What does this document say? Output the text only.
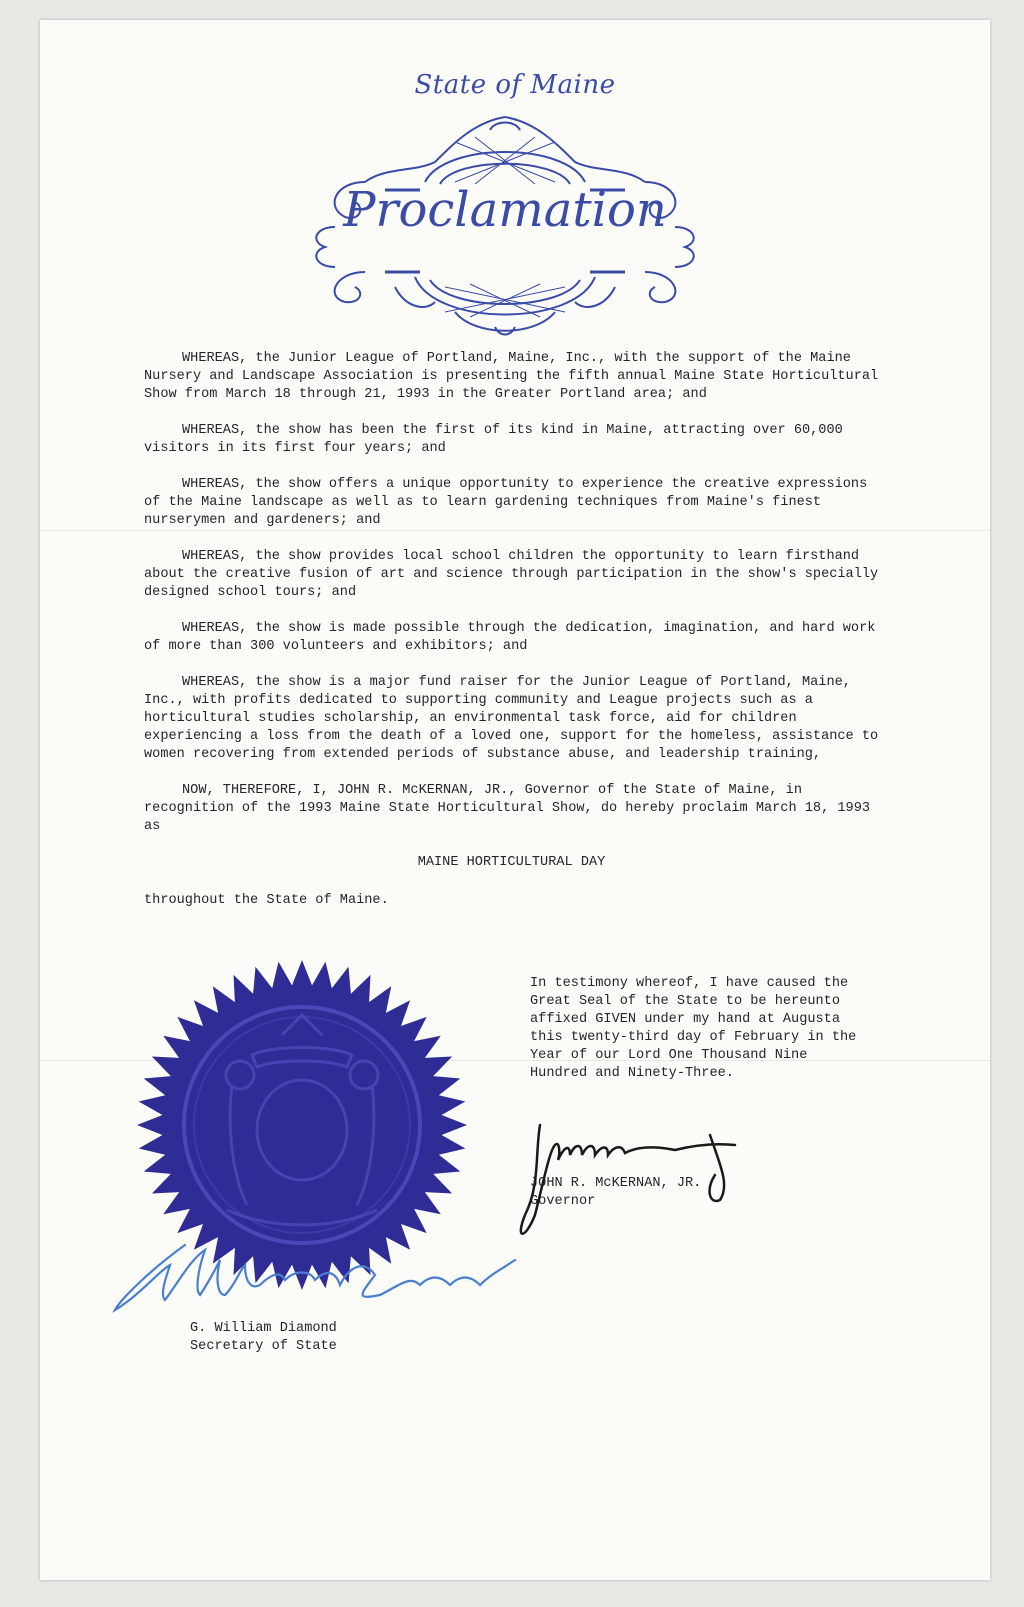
State of Maine
Proclamation

WHEREAS, the Junior League of Portland, Maine, Inc., with the support of the Maine Nursery and Landscape Association is presenting the fifth annual Maine State Horticultural Show from March 18 through 21, 1993 in the Greater Portland area; and

WHEREAS, the show has been the first of its kind in Maine, attracting over 60,000 visitors in its first four years; and

WHEREAS, the show offers a unique opportunity to experience the creative expressions of the Maine landscape as well as to learn gardening techniques from Maine's finest nurserymen and gardeners; and

WHEREAS, the show provides local school children the opportunity to learn firsthand about the creative fusion of art and science through participation in the show's specially designed school tours; and

WHEREAS, the show is made possible through the dedication, imagination, and hard work of more than 300 volunteers and exhibitors; and

WHEREAS, the show is a major fund raiser for the Junior League of Portland, Maine, Inc., with profits dedicated to supporting community and League projects such as a horticultural studies scholarship, an environmental task force, aid for children experiencing a loss from the death of a loved one, support for the homeless, assistance to women recovering from extended periods of substance abuse, and leadership training,

NOW, THEREFORE, I, JOHN R. McKERNAN, JR., Governor of the State of Maine, in recognition of the 1993 Maine State Horticultural Show, do hereby proclaim March 18, 1993 as

MAINE HORTICULTURAL DAY

throughout the State of Maine.

In testimony whereof, I have caused the Great Seal of the State to be hereunto affixed GIVEN under my hand at Augusta this twenty-third day of February in the Year of our Lord One Thousand Nine Hundred and Ninety-Three.

JOHN R. McKERNAN, JR.
Governor
G. William Diamond
Secretary of State
